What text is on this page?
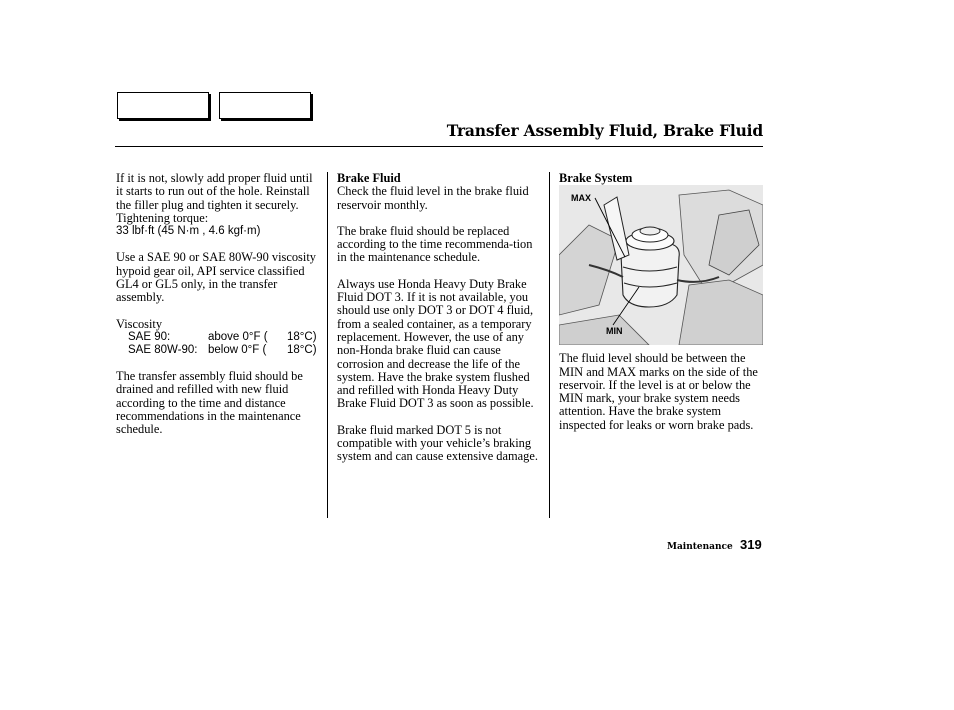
Transfer Assembly Fluid, Brake Fluid

If it is not, slowly add proper fluid until it starts to run out of the hole. Reinstall the filler plug and tighten it securely.

Tightening torque:

33 lbf·ft (45 N·m , 4.6 kgf·m)

Use a SAE 90 or SAE 80W-90 viscosity hypoid gear oil, API service classified GL4 or GL5 only, in the transfer assembly.

Viscosity

SAE 90:	above 0°F ( 18°C)
SAE 80W-90: below 0°F ( 18°C)

The transfer assembly fluid should be drained and refilled with new fluid according to the time and distance recommendations in the maintenance schedule.

Brake Fluid

Check the fluid level in the brake fluid reservoir monthly.

The brake fluid should be replaced according to the time recommenda-tion in the maintenance schedule.

Always use Honda Heavy Duty Brake Fluid DOT 3. If it is not available, you should use only DOT 3 or DOT 4 fluid, from a sealed container, as a temporary replacement. However, the use of any non-Honda brake fluid can cause corrosion and decrease the life of the system. Have the brake system flushed and refilled with Honda Heavy Duty Brake Fluid DOT 3 as soon as possible.

Brake fluid marked DOT 5 is not compatible with your vehicle’s braking system and can cause extensive damage.

Brake System

MAX
MIN

The fluid level should be between the MIN and MAX marks on the side of the reservoir. If the level is at or below the MIN mark, your brake system needs attention. Have the brake system inspected for leaks or worn brake pads.

Maintenance 319
